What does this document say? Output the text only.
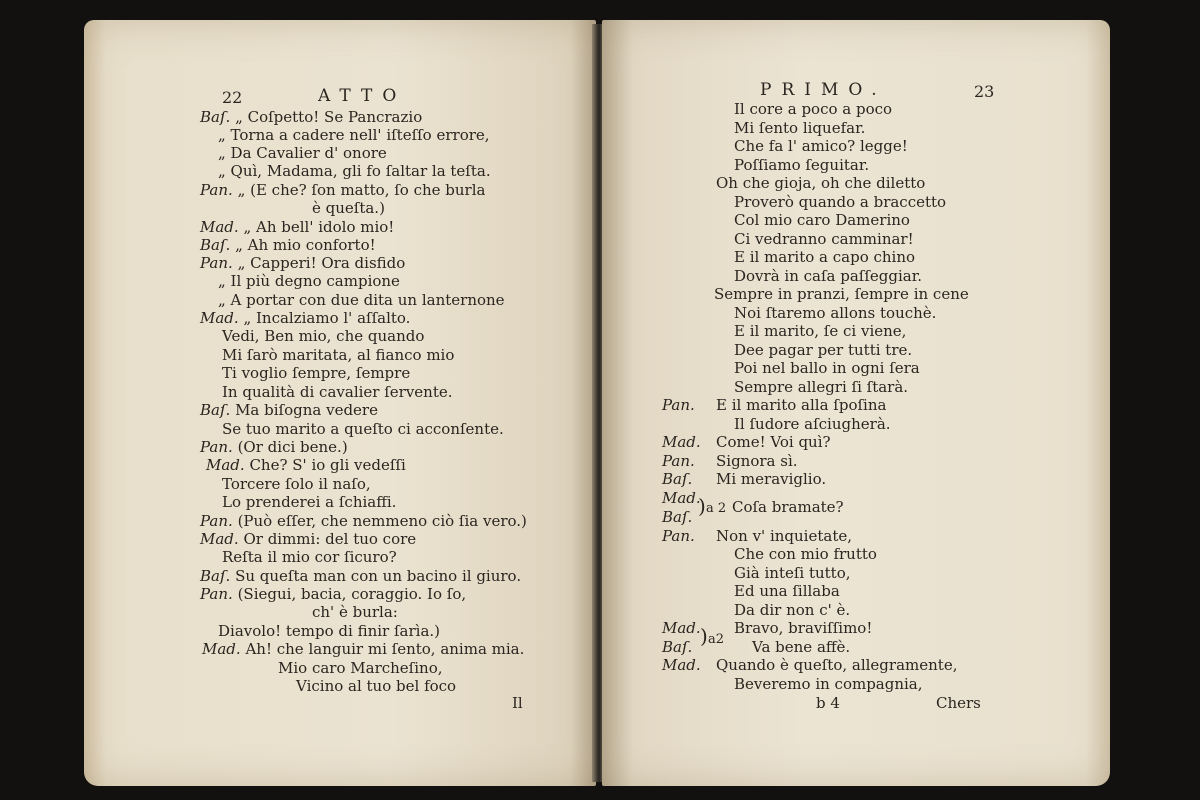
22	ATTO
Baſ. „ Coſpetto! Se Pancrazio
„ Torna a cadere nell' iſteſſo errore,
„ Da Cavalier d' onore
„ Quì, Madama, gli fo ſaltar la teſta.
Pan. „ (E che? ſon matto, ſo che burla
è queſta.)
Mad. „ Ah bell' idolo mio!
Baſ. „ Ah mio conforto!
Pan. „ Capperi! Ora disfido
„ Il più degno campione
„ A portar con due dita un lanternone
Mad. „ Incalziamo l' aſſalto.
Vedi, Ben mio, che quando
Mi ſarò maritata, al fianco mio
Ti voglio ſempre, ſempre
In qualità di cavalier ſervente.
Baſ. Ma biſogna vedere
Se tuo marito a queſto ci acconſente.
Pan. (Or dici bene.)
Mad. Che? S' io gli vedeſſi
Torcere ſolo il naſo,
Lo prenderei a ſchiaffi.
Pan. (Può eſſer, che nemmeno ciò ſia vero.)
Mad. Or dimmi: del tuo core
Reſta il mio cor ſicuro?
Baſ. Su queſta man con un bacino il giuro.
Pan. (Siegui, bacia, coraggio. Io ſo,
ch' è burla:
Diavolo! tempo di finir ſarìa.)
Mad. Ah! che languir mi ſento, anima mia.
Mio caro Marcheſino,
Vicino al tuo bel foco
Il
PRIMO.	23
Il core a poco a poco
Mi ſento liquefar.
Che fa l' amico? legge!
Poſſiamo ſeguitar.
Oh che gioja, oh che diletto
Proverò quando a braccetto
Col mio caro Damerino
Ci vedranno camminar!
E il marito a capo chino
Dovrà in caſa paſſeggiar.
Sempre in pranzi, ſempre in cene
Noi ſtaremo allons touchè.
E il marito, ſe ci viene,
Dee pagar per tutti tre.
Poi nel ballo in ogni ſera
Sempre allegri ſi ſtarà.
Pan. E il marito alla ſpoſina
Il ſudore aſciugherà.
Mad. Come! Voi quì?
Pan. Signora sì.
Baſ. Mi meraviglio.
Mad.
Baſ. ) a 2 Coſa bramate?
Pan. Non v' inquietate,
Che con mio frutto
Già inteſi tutto,
Ed una ſillaba
Da dir non c' è.
Mad.
Baſ. ) a2
Bravo, braviſſimo!
Va bene affè.
Mad. Quando è queſto, allegramente,
Beveremo in compagnia,
b 4	Chers
